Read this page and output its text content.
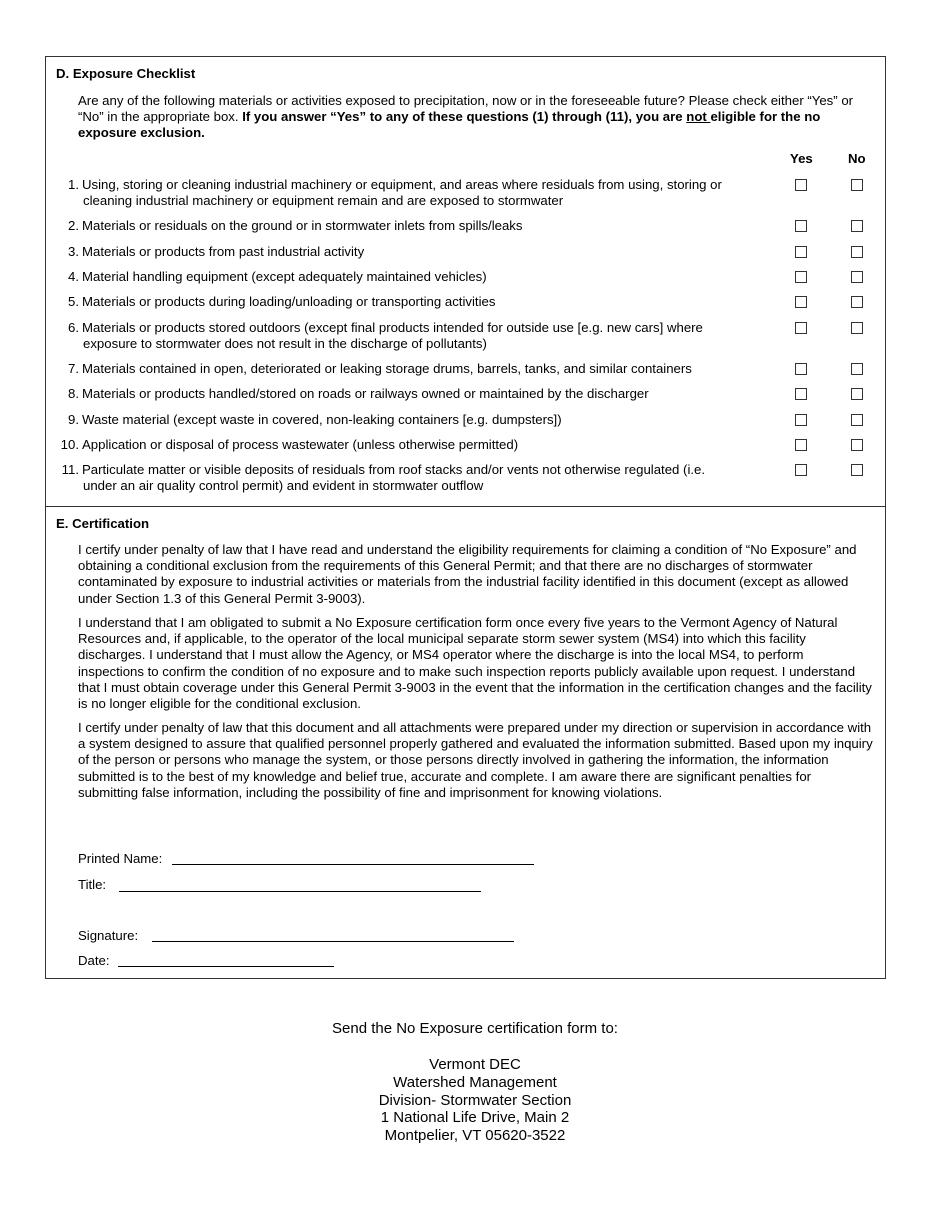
D. Exposure Checklist
Are any of the following materials or activities exposed to precipitation, now or in the foreseeable future? Please check either “Yes” or “No” in the appropriate box. If you answer “Yes” to any of these questions (1) through (11), you are not eligible for the no exposure exclusion.
Yes	No
1. Using, storing or cleaning industrial machinery or equipment, and areas where residuals from using, storing or
cleaning industrial machinery or equipment remain and are exposed to stormwater
2. Materials or residuals on the ground or in stormwater inlets from spills/leaks
3. Materials or products from past industrial activity
4. Material handling equipment (except adequately maintained vehicles)
5. Materials or products during loading/unloading or transporting activities
6. Materials or products stored outdoors (except final products intended for outside use [e.g. new cars] where
exposure to stormwater does not result in the discharge of pollutants)
7. Materials contained in open, deteriorated or leaking storage drums, barrels, tanks, and similar containers
8. Materials or products handled/stored on roads or railways owned or maintained by the discharger
9. Waste material (except waste in covered, non-leaking containers [e.g. dumpsters])
10. Application or disposal of process wastewater (unless otherwise permitted)
11. Particulate matter or visible deposits of residuals from roof stacks and/or vents not otherwise regulated (i.e.
under an air quality control permit) and evident in stormwater outflow
E. Certification
I certify under penalty of law that I have read and understand the eligibility requirements for claiming a condition of “No Exposure” and obtaining a conditional exclusion from the requirements of this General Permit; and that there are no discharges of stormwater contaminated by exposure to industrial activities or materials from the industrial facility identified in this document (except as allowed under Section 1.3 of this General Permit 3-9003).
I understand that I am obligated to submit a No Exposure certification form once every five years to the Vermont Agency of Natural Resources and, if applicable, to the operator of the local municipal separate storm sewer system (MS4) into which this facility discharges. I understand that I must allow the Agency, or MS4 operator where the discharge is into the local MS4, to perform inspections to confirm the condition of no exposure and to make such inspection reports publicly available upon request. I understand that I must obtain coverage under this General Permit 3-9003 in the event that the information in the certification changes and the facility is no longer eligible for the conditional exclusion.
I certify under penalty of law that this document and all attachments were prepared under my direction or supervision in accordance with a system designed to assure that qualified personnel properly gathered and evaluated the information submitted. Based upon my inquiry of the person or persons who manage the system, or those persons directly involved in gathering the information, the information submitted is to the best of my knowledge and belief true, accurate and complete. I am aware there are significant penalties for submitting false information, including the possibility of fine and imprisonment for knowing violations.
Printed Name:
Title:
Signature:
Date:
Send the No Exposure certification form to:
Vermont DEC
Watershed Management
Division- Stormwater Section
1 National Life Drive, Main 2
Montpelier, VT 05620-3522
